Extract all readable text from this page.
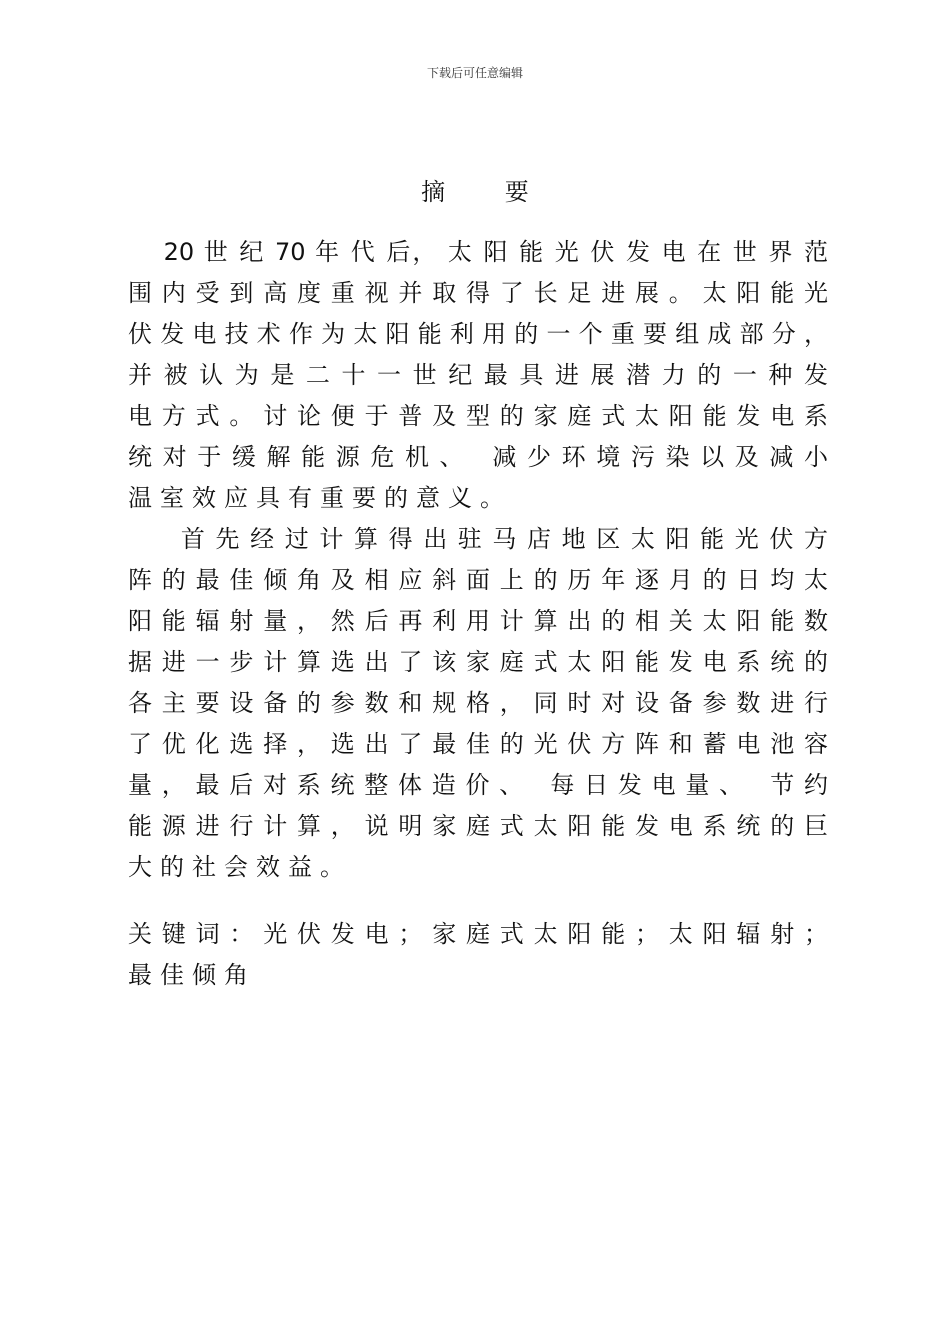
下载后可任意编辑
摘 要
　 20 世 纪 70 年 代 后， 太 阳 能 光 伏 发 电 在 世 界 范
围内受到高度重视并取得了长足进展。太阳能光
伏发电技术作为太阳能利用的一个重要组成部分，
并 被 认 为 是 二 十 一 世 纪 最 具 进 展 潜 力 的 一 种 发
电方式。讨论便于普及型的家庭式太阳能发电系
统对于缓解能源危机、 减少环境污染以及减小
温室效应具有重要的意义。
　 首先经过计算得出驻马店地区太阳能光伏方
阵的最佳倾角及相应斜面上的历年逐月的日均太
阳能辐射量，然后再利用计算出的相关太阳能数
据进一步计算选出了该家庭式太阳能发电系统的
各主要设备的参数和规格，同时对设备参数进行
了优化选择，选出了最佳的光伏方阵和蓄电池容
量，最后对系统整体造价、 每日发电量、 节约
能源进行计算，说明家庭式太阳能发电系统的巨
大的社会效益。
关键词：光伏发电；家庭式太阳能；太阳辐射；
最佳倾角
